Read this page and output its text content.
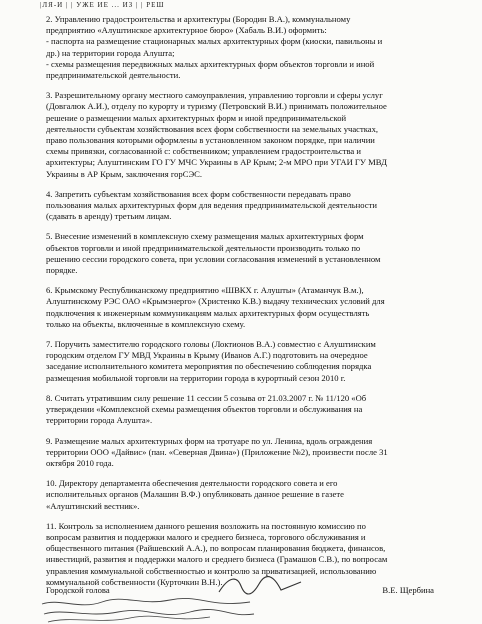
|ЛЯ-И | | УЖЕ ИЕ ... ИЗ | | РЕШ

2. Управлению градостроительства и архитектуры (Бородин В.А.), коммунальному
предприятию «Алуштинское архитектурное бюро» (Хабаль В.И.) оформить:
- паспорта на размещение стационарных малых архитектурных форм (киоски, павильоны и
др.) на территории города Алушта;
- схемы размещения передвижных малых архитектурных форм объектов торговли и иной
предпринимательской деятельности.

3. Разрешительному органу местного самоуправления, управлению торговли и сферы услуг
(Довгалюк А.И.), отделу по курорту и туризму (Петровский В.И.) принимать положительное
решение о размещении малых архитектурных форм и иной предпринимательской
деятельности субъектам хозяйствования всех форм собственности на земельных участках,
право пользования которыми оформлены в установленном законом порядке, при наличии
схемы привязки, согласованной с: собственником; управлением градостроительства и
архитектуры; Алуштинским ГО ГУ МЧС Украины в АР Крым; 2-м МРО при УГАИ ГУ МВД
Украины в АР Крым, заключения горСЭС.

4. Запретить субъектам хозяйствования всех форм собственности передавать право
пользования малых архитектурных форм для ведения предпринимательской деятельности
(сдавать в аренду) третьим лицам.

5. Внесение изменений в комплексную схему размещения малых архитектурных форм
объектов торговли и иной предпринимательской деятельности производить только по
решению сессии городского совета, при условии согласования изменений в установленном
порядке.

6. Крымскому Республиканскому предприятию «ШВКХ г. Алушты» (Атаманчук В.м.),
Алуштинскому РЭС ОАО «Крымэнерго» (Христенко К.В.) выдачу технических условий для
подключения к инженерным коммуникациям малых архитектурных форм осуществлять
только на объекты, включенные в комплексную схему.

7. Поручить заместителю городского головы (Локтионов В.А.) совместно с Алуштинским
городским отделом ГУ МВД Украины в Крыму (Иванов А.Г.) подготовить на очередное
заседание исполнительного комитета мероприятия по обеспечению соблюдения порядка
размещения мобильной торговли на территории города в курортный сезон 2010 г.

8. Считать утратившим силу решение 11 сессии 5 созыва от 21.03.2007 г. № 11/120 «Об
утверждении «Комплексной схемы размещения объектов торговли и обслуживания на
территории города Алушта».

9. Размещение малых архитектурных форм на тротуаре по ул. Ленина, вдоль ограждения
территории ООО «Дайвис» (пан. «Северная Двина») (Приложение №2), произвести после 31
октября 2010 года.

10. Директору департамента обеспечения деятельности городского совета и его
исполнительных органов (Малашин В.Ф.) опубликовать данное решение в газете
«Алуштинский вестник».

11. Контроль за исполнением данного решения возложить на постоянную комиссию по
вопросам развития и поддержки малого и среднего бизнеса, торгового обслуживания и
общественного питания (Райшевский А.А.), по вопросам планирования бюджета, финансов,
инвестиций, развития и поддержки малого и среднего бизнеса (Грамашов С.В.), по вопросам
управления коммунальной собственностью и контролю за приватизацией, использованию
коммунальной собственности (Курточкин В.Н.).

Городской голова	В.Е. Щербина
